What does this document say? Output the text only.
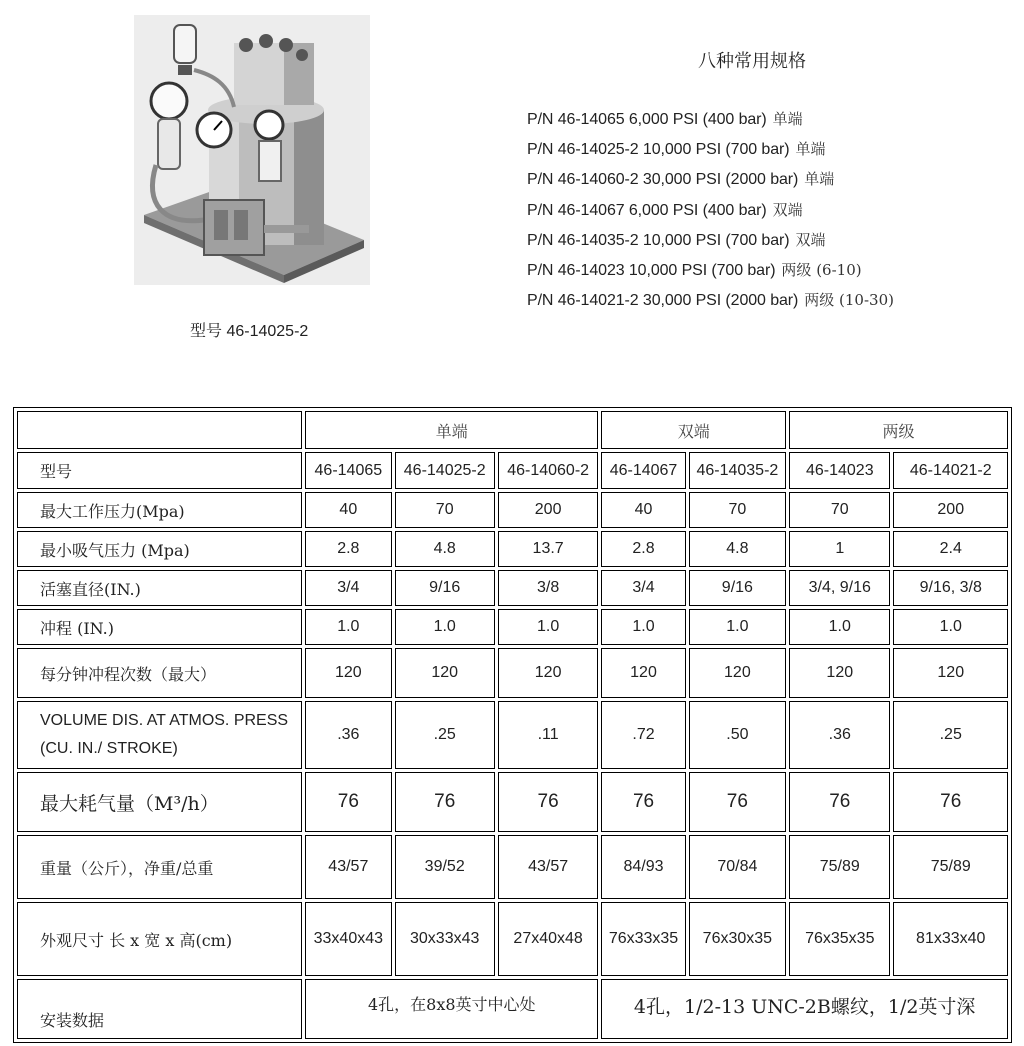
型号 46-14025-2
八种常用规格
P/N 46-14065 6,000 PSI (400 bar) 单端
P/N 46-14025-2 10,000 PSI (700 bar) 单端
P/N 46-14060-2 30,000 PSI (2000 bar) 单端
P/N 46-14067 6,000 PSI (400 bar) 双端
P/N 46-14035-2 10,000 PSI (700 bar) 双端
P/N 46-14023 10,000 PSI (700 bar) 两级 (6-10)
P/N 46-14021-2 30,000 PSI (2000 bar) 两级 (10-30)
	单端			双端		两级	
型号	46-14065	46-14025-2	46-14060-2	46-14067	46-14035-2	46-14023	46-14021-2
最大工作压力(Mpa)	40	70	200	40	70	70	200
最小吸气压力 (Mpa)	2.8	4.8	13.7	2.8	4.8	1	2.4
活塞直径(IN.)	3/4	9/16	3/8	3/4	9/16	3/4, 9/16	9/16, 3/8
冲程 (IN.)	1.0	1.0	1.0	1.0	1.0	1.0	1.0
每分钟冲程次数（最大）	120	120	120	120	120	120	120
VOLUME DIS. AT ATMOS. PRESS (CU. IN./ STROKE)	.36	.25	.11	.72	.50	.36	.25
最大耗气量（M³/h）	76	76	76	76	76	76	76
重量（公斤），净重/总重	43/57	39/52	43/57	84/93	70/84	75/89	75/89
外观尺寸 长 x 宽 x 高(cm)	33x40x43	30x33x43	27x40x48	76x33x35	76x30x35	76x35x35	81x33x40
安装数据	4孔，在8x8英寸中心处			4孔，1/2-13 UNC-2B螺纹，1/2英寸深			
